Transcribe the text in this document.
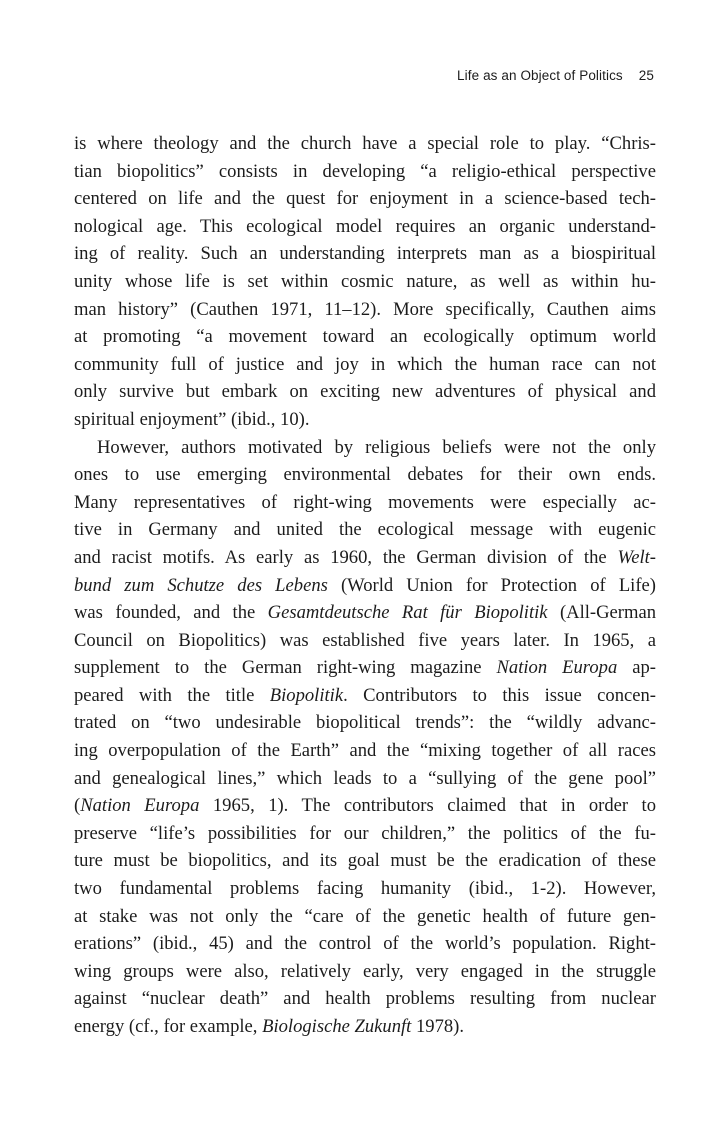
Life as an Object of Politics 25
is where theology and the church have a special role to play. “Chris-
tian biopolitics” consists in developing “a religio-ethical perspective
centered on life and the quest for enjoyment in a science-based tech-
nological age. This ecological model requires an organic understand-
ing of reality. Such an understanding interprets man as a biospiritual
unity whose life is set within cosmic nature, as well as within hu-
man history” (Cauthen 1971, 11–12). More specifically, Cauthen aims
at promoting “a movement toward an ecologically optimum world
community full of justice and joy in which the human race can not
only survive but embark on exciting new adventures of physical and
spiritual enjoyment” (ibid., 10).
However, authors motivated by religious beliefs were not the only
ones to use emerging environmental debates for their own ends.
Many representatives of right-wing movements were especially ac-
tive in Germany and united the ecological message with eugenic
and racist motifs. As early as 1960, the German division of the Welt-
bund zum Schutze des Lebens (World Union for Protection of Life)
was founded, and the Gesamtdeutsche Rat für Biopolitik (All-German
Council on Biopolitics) was established five years later. In 1965, a
supplement to the German right-wing magazine Nation Europa ap-
peared with the title Biopolitik. Contributors to this issue concen-
trated on “two undesirable biopolitical trends”: the “wildly advanc-
ing overpopulation of the Earth” and the “mixing together of all races
and genealogical lines,” which leads to a “sullying of the gene pool”
(Nation Europa 1965, 1). The contributors claimed that in order to
preserve “life’s possibilities for our children,” the politics of the fu-
ture must be biopolitics, and its goal must be the eradication of these
two fundamental problems facing humanity (ibid., 1-2). However,
at stake was not only the “care of the genetic health of future gen-
erations” (ibid., 45) and the control of the world’s population. Right-
wing groups were also, relatively early, very engaged in the struggle
against “nuclear death” and health problems resulting from nuclear
energy (cf., for example, Biologische Zukunft 1978).
